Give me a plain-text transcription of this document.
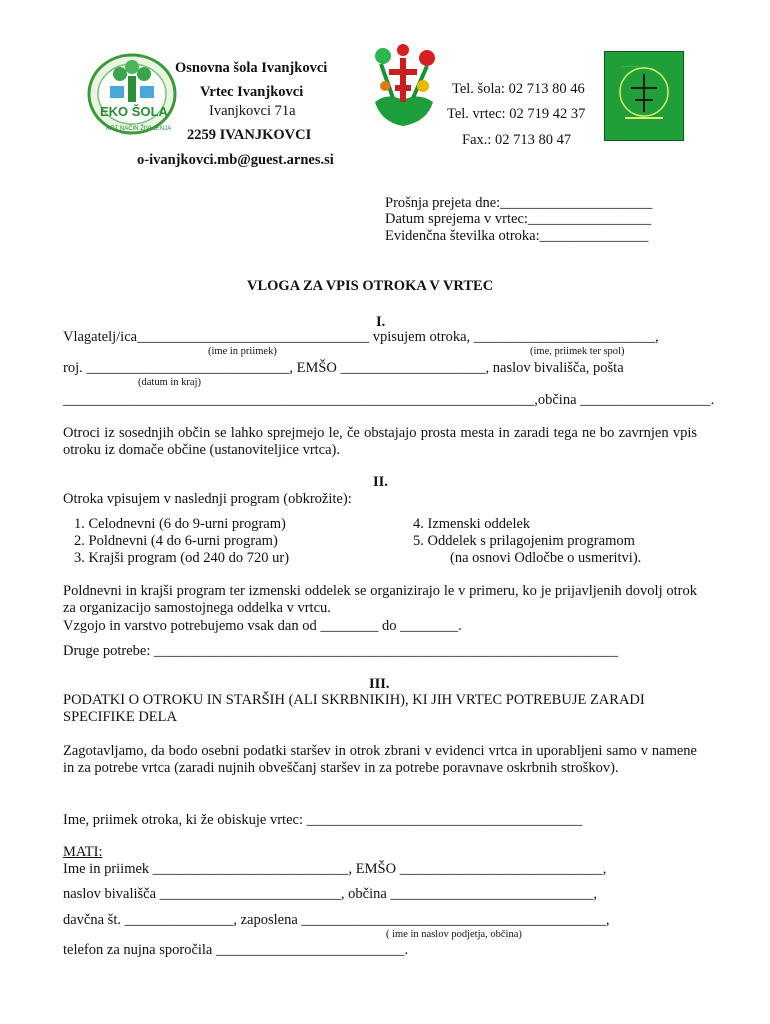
EKO ŠOLA
KOT NAČIN ŽIVLJENJA
·········
Osnovna šola Ivanjkovci
Vrtec Ivanjkovci
Ivanjkovci 71a
2259 IVANJKOVCI
o-ivanjkovci.mb@guest.arnes.si
Tel. šola: 02 713 80 46
Tel. vrtec: 02 719 42 37
Fax.: 02 713 80 47
Prošnja prejeta dne:_____________________
Datum sprejema v vrtec:_________________
Evidenčna številka otroka:_______________
VLOGA ZA VPIS OTROKA V VRTEC
I.
Vlagatelj/ica________________________________ vpisujem otroka, _________________________,
(ime in priimek)	(ime, priimek ter spol)
roj. ____________________________, EMŠO ____________________, naslov bivališča, pošta
(datum in kraj)
_________________________________________________________________,občina __________________.
Otroci iz sosednjih občin se lahko sprejmejo le, če obstajajo prosta mesta in zaradi tega ne bo zavrnjen vpis otroku iz domače občine (ustanoviteljice vrtca).
II.
Otroka vpisujem v naslednji program (obkrožite):
1. Celodnevni (6 do 9-urni program)
2. Poldnevni (4 do 6-urni program)
3. Krajši program (od 240 do 720 ur)
4. Izmenski oddelek
5. Oddelek s prilagojenim programom
(na osnovi Odločbe o usmeritvi).
Poldnevni in krajši program ter izmenski oddelek se organizirajo le v primeru, ko je prijavljenih dovolj otrok za organizacijo samostojnega oddelka v vrtcu.
Vzgojo in varstvo potrebujemo vsak dan od ________ do ________.
Druge potrebe: ________________________________________________________________
III.
PODATKI O OTROKU IN STARŠIH (ALI SKRBNIKIH), KI JIH VRTEC POTREBUJE ZARADI SPECIFIKE DELA
Zagotavljamo, da bodo osebni podatki staršev in otrok zbrani v evidenci vrtca in uporabljeni samo v namene in za potrebe vrtca (zaradi nujnih obveščanj staršev in za potrebe poravnave oskrbnih stroškov).
Ime, priimek otroka, ki že obiskuje vrtec: ______________________________________
MATI:
Ime in priimek ___________________________, EMŠO ____________________________,
naslov bivališča _________________________, občina ____________________________,
davčna št. _______________, zaposlena __________________________________________,
( ime in naslov podjetja, občina)
telefon za nujna sporočila __________________________.
